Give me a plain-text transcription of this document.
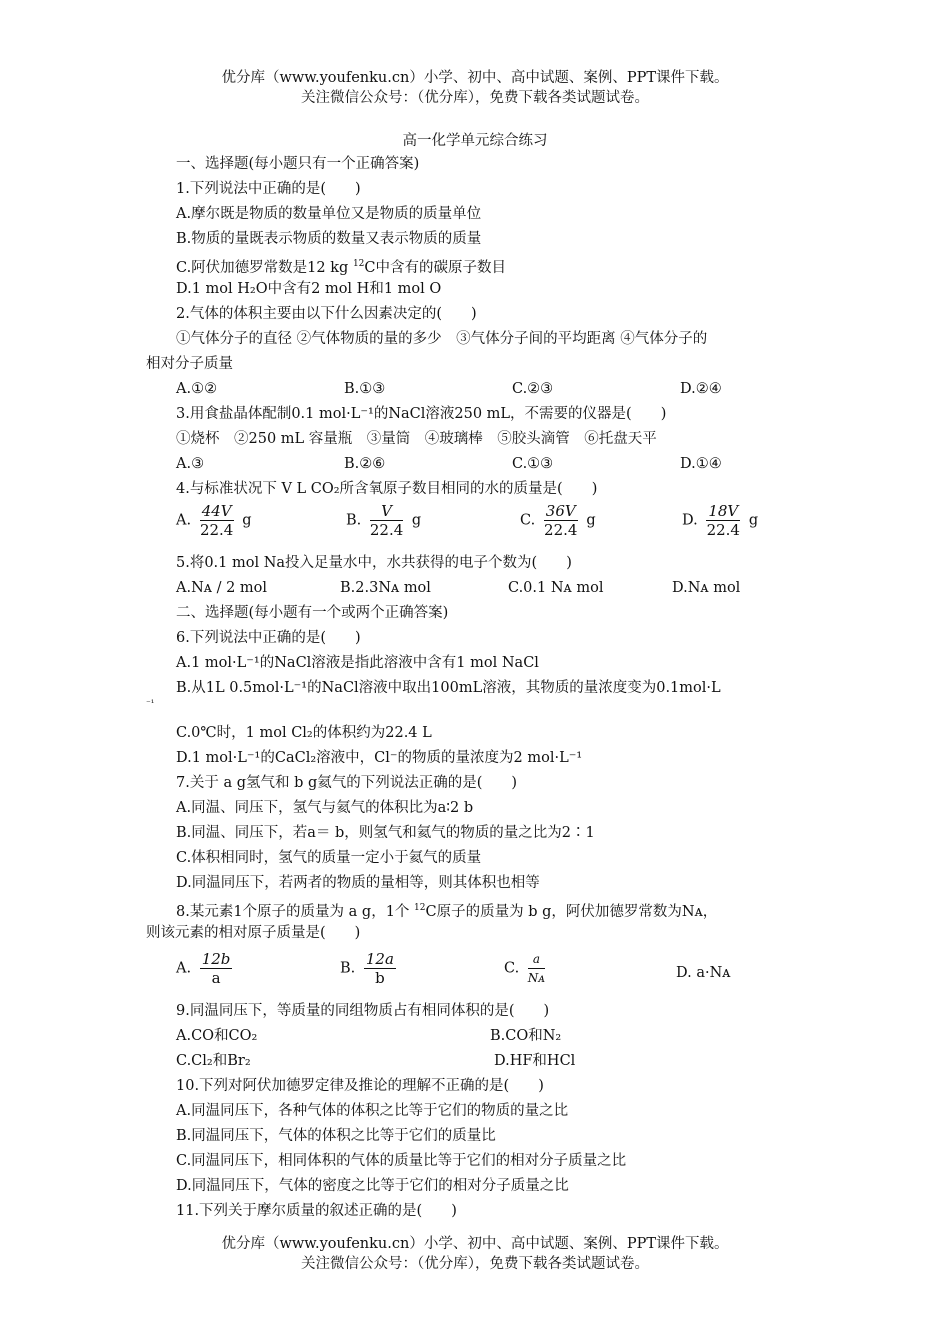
优分库（www.youfenku.cn）小学、初中、高中试题、案例、PPT课件下载。
关注微信公众号：（优分库），免费下载各类试题试卷。
高一化学单元综合练习
一、选择题(每小题只有一个正确答案)
1.下列说法中正确的是(　　)
A.摩尔既是物质的数量单位又是物质的质量单位
B.物质的量既表示物质的数量又表示物质的质量
C.阿伏加德罗常数是12 kg $^{12}$C中含有的碳原子数目
D.1 mol H₂O中含有2 mol H和1 mol O
2.气体的体积主要由以下什么因素决定的(　　)
①气体分子的直径 ②气体物质的量的多少　③气体分子间的平均距离 ④气体分子的
相对分子质量
A.①②	B.①③	C.②③	D.②④
3.用食盐晶体配制0.1 mol·L⁻¹的NaCl溶液250 mL，不需要的仪器是(　　)
①烧杯　②250 mL 容量瓶　③量筒　④玻璃棒　⑤胶头滴管　⑥托盘天平
A.③	B.②⑥	C.①③	D.①④
4.与标准状况下 V L CO₂所含氧原子数目相同的水的质量是(　　)
A. $\frac{44V}{22.4}$ g	B. $\frac{V}{22.4}$ g	C. $\frac{36V}{22.4}$ g	D. $\frac{18V}{22.4}$ g
5.将0.1 mol Na投入足量水中，水共获得的电子个数为(　　)
A.Nᴀ / 2 mol	B.2.3Nᴀ mol	C.0.1 Nᴀ mol	D.Nᴀ mol
二、选择题(每小题有一个或两个正确答案)
6.下列说法中正确的是(　　)
A.1 mol·L⁻¹的NaCl溶液是指此溶液中含有1 mol NaCl
B.从1L 0.5mol·L⁻¹的NaCl溶液中取出100mL溶液，其物质的量浓度变为0.1mol·L
⁻¹
C.0℃时，1 mol Cl₂的体积约为22.4 L
D.1 mol·L⁻¹的CaCl₂溶液中，Cl⁻的物质的量浓度为2 mol·L⁻¹
7.关于 a g氢气和 b g氦气的下列说法正确的是(　　)
A.同温、同压下，氢气与氦气的体积比为a∶2 b
B.同温、同压下，若a＝ b，则氢气和氦气的物质的量之比为2∶1
C.体积相同时，氢气的质量一定小于氦气的质量
D.同温同压下，若两者的物质的量相等，则其体积也相等
8.某元素1个原子的质量为 a g，1个 $^{12}$C原子的质量为 b g，阿伏加德罗常数为Nᴀ，
则该元素的相对原子质量是(　　)
A. $\frac{12b}{a}$	B. $\frac{12a}{b}$	C. $\frac{a}{\text{Nᴀ}}$	D. a·Nᴀ
9.同温同压下，等质量的同组物质占有相同体积的是(　　)
A.CO和CO₂	B.CO和N₂
C.Cl₂和Br₂	D.HF和HCl
10.下列对阿伏加德罗定律及推论的理解不正确的是(　　)
A.同温同压下，各种气体的体积之比等于它们的物质的量之比
B.同温同压下，气体的体积之比等于它们的质量比
C.同温同压下，相同体积的气体的质量比等于它们的相对分子质量之比
D.同温同压下，气体的密度之比等于它们的相对分子质量之比
11.下列关于摩尔质量的叙述正确的是(　　)
优分库（www.youfenku.cn）小学、初中、高中试题、案例、PPT课件下载。
关注微信公众号：（优分库），免费下载各类试题试卷。
